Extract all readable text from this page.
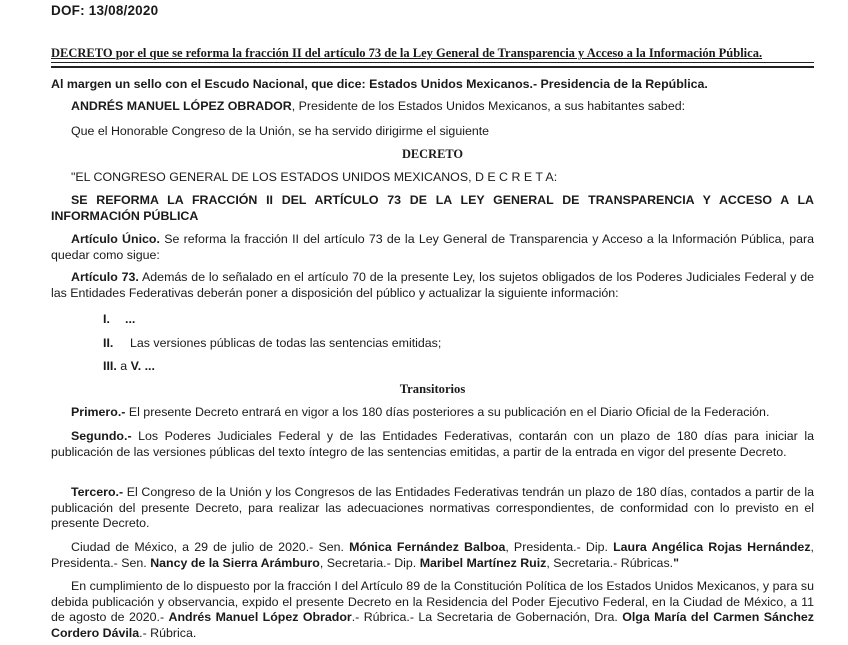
DOF: 13/08/2020
DECRETO por el que se reforma la fracción II del artículo 73 de la Ley General de Transparencia y Acceso a la Información Pública.
Al margen un sello con el Escudo Nacional, que dice: Estados Unidos Mexicanos.- Presidencia de la República.
ANDRÉS MANUEL LÓPEZ OBRADOR, Presidente de los Estados Unidos Mexicanos, a sus habitantes sabed:
Que el Honorable Congreso de la Unión, se ha servido dirigirme el siguiente
DECRETO
"EL CONGRESO GENERAL DE LOS ESTADOS UNIDOS MEXICANOS, D E C R E T A:
SE REFORMA LA FRACCIÓN II DEL ARTÍCULO 73 DE LA LEY GENERAL DE TRANSPARENCIA Y ACCESO A LA INFORMACIÓN PÚBLICA
Artículo Único. Se reforma la fracción II del artículo 73 de la Ley General de Transparencia y Acceso a la Información Pública, para quedar como sigue:
Artículo 73. Además de lo señalado en el artículo 70 de la presente Ley, los sujetos obligados de los Poderes Judiciales Federal y de las Entidades Federativas deberán poner a disposición del público y actualizar la siguiente información:
I. ...
II. Las versiones públicas de todas las sentencias emitidas;
III. a V. ...
Transitorios
Primero.- El presente Decreto entrará en vigor a los 180 días posteriores a su publicación en el Diario Oficial de la Federación.
Segundo.- Los Poderes Judiciales Federal y de las Entidades Federativas, contarán con un plazo de 180 días para iniciar la publicación de las versiones públicas del texto íntegro de las sentencias emitidas, a partir de la entrada en vigor del presente Decreto.
Tercero.- El Congreso de la Unión y los Congresos de las Entidades Federativas tendrán un plazo de 180 días, contados a partir de la publicación del presente Decreto, para realizar las adecuaciones normativas correspondientes, de conformidad con lo previsto en el presente Decreto.
Ciudad de México, a 29 de julio de 2020.- Sen. Mónica Fernández Balboa, Presidenta.- Dip. Laura Angélica Rojas Hernández, Presidenta.- Sen. Nancy de la Sierra Arámburo, Secretaria.- Dip. Maribel Martínez Ruiz, Secretaria.- Rúbricas."
En cumplimiento de lo dispuesto por la fracción I del Artículo 89 de la Constitución Política de los Estados Unidos Mexicanos, y para su debida publicación y observancia, expido el presente Decreto en la Residencia del Poder Ejecutivo Federal, en la Ciudad de México, a 11 de agosto de 2020.- Andrés Manuel López Obrador.- Rúbrica.- La Secretaria de Gobernación, Dra. Olga María del Carmen Sánchez Cordero Dávila.- Rúbrica.
